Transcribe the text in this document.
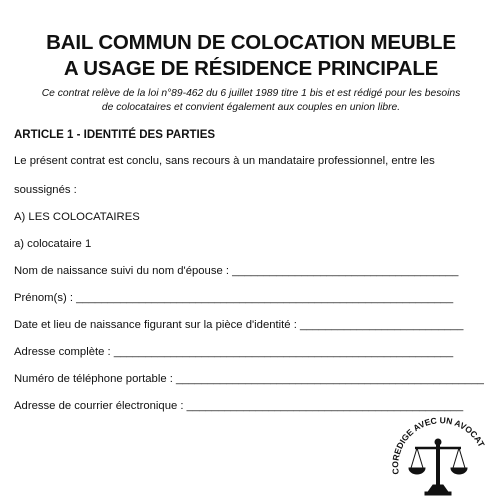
BAIL COMMUN DE COLOCATION MEUBLE
A USAGE DE RÉSIDENCE PRINCIPALE

Ce contrat relève de la loi n°89-462 du 6 juillet 1989 titre 1 bis et est rédigé pour les besoins
de colocataires et convient également aux couples en union libre.

ARTICLE 1 - IDENTITÉ DES PARTIES

Le présent contrat est conclu, sans recours à un mandataire professionnel, entre les
soussignés :
A) LES COLOCATAIRES
a) colocataire 1
Nom de naissance suivi du nom d'épouse : ____________________________________
Prénom(s) : ____________________________________________________________
Date et lieu de naissance figurant sur la pièce d'identité : __________________________
Adresse complète : ______________________________________________________
Numéro de téléphone portable : _________________________________________________
Adresse de courrier électronique : ____________________________________________
COREDIGE AVEC UN AVOCAT
